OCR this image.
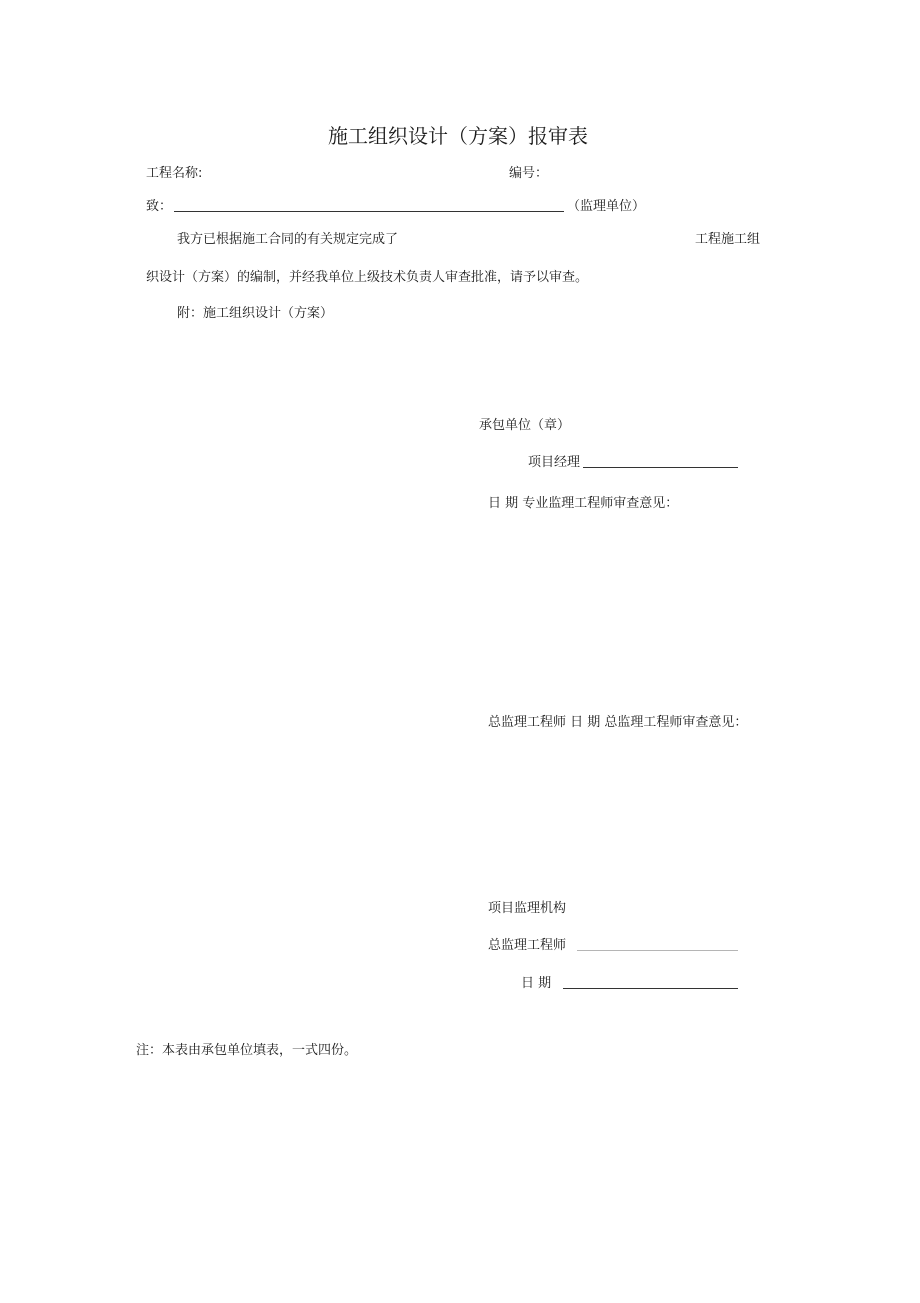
施工组织设计（方案）报审表
工程名称:	编号：
致：	（监理单位）
我方已根据施工合同的有关规定完成了	工程施工组
织设计（方案）的编制，并经我单位上级技术负责人审查批准，请予以审查。
附：施工组织设计（方案）
承包单位（章）
项目经理
日 期 专业监理工程师审查意见：
总监理工程师 日 期 总监理工程师审查意见：
项目监理机构
总监理工程师
日 期
注：本表由承包单位填表，一式四份。
